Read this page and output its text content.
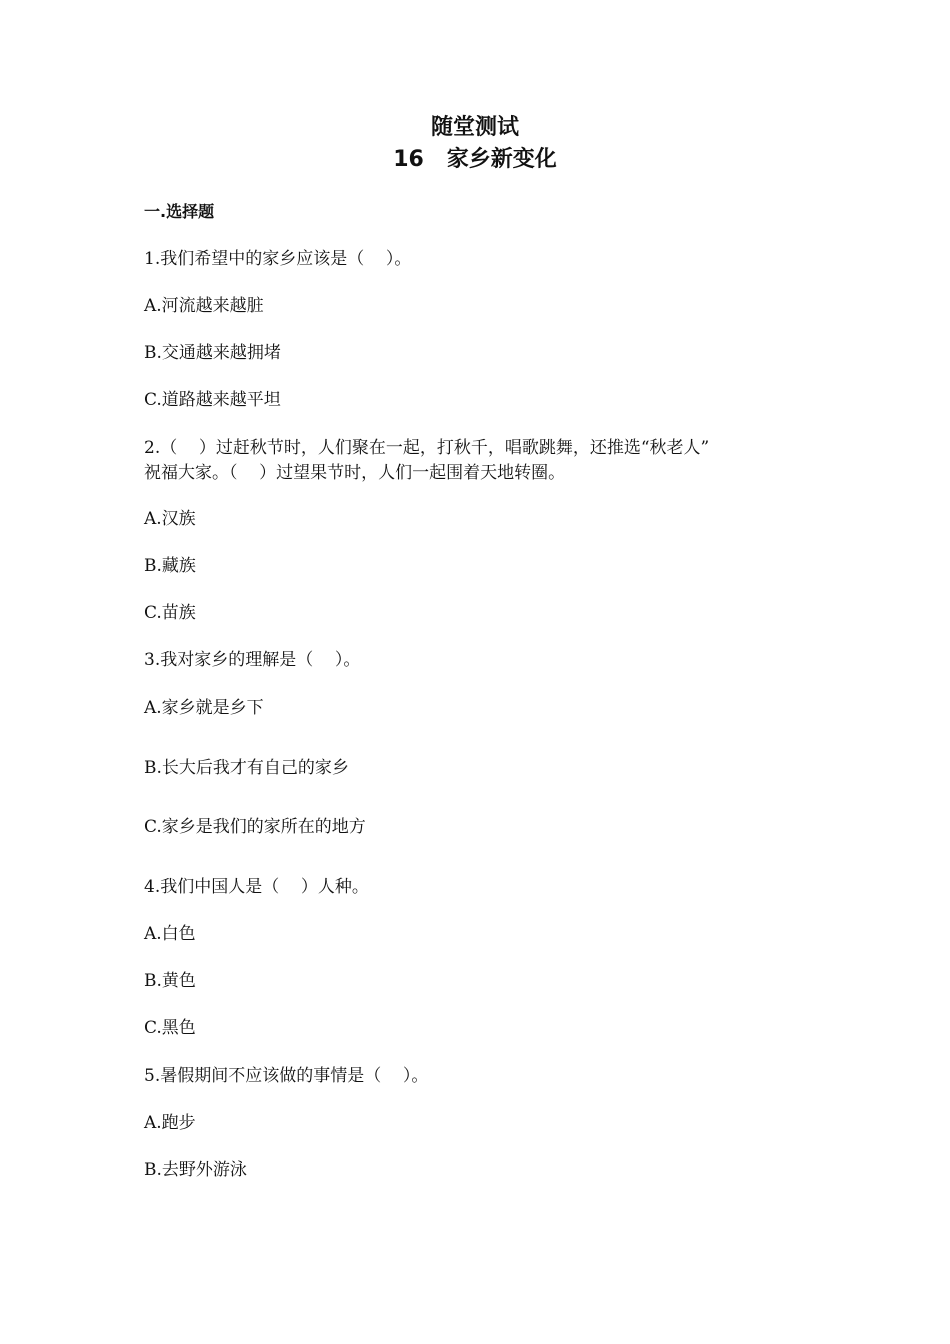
随堂测试
16   家乡新变化
一.选择题
1.我们希望中的家乡应该是（    ）。
A.河流越来越脏
B.交通越来越拥堵
C.道路越来越平坦
2.（    ）过赶秋节时，人们聚在一起，打秋千，唱歌跳舞，还推选“秋老人”
祝福大家。（    ）过望果节时，人们一起围着天地转圈。
A.汉族
B.藏族
C.苗族
3.我对家乡的理解是（    ）。
A.家乡就是乡下
B.长大后我才有自己的家乡
C.家乡是我们的家所在的地方
4.我们中国人是（    ）人种。
A.白色
B.黄色
C.黑色
5.暑假期间不应该做的事情是（    ）。
A.跑步
B.去野外游泳
